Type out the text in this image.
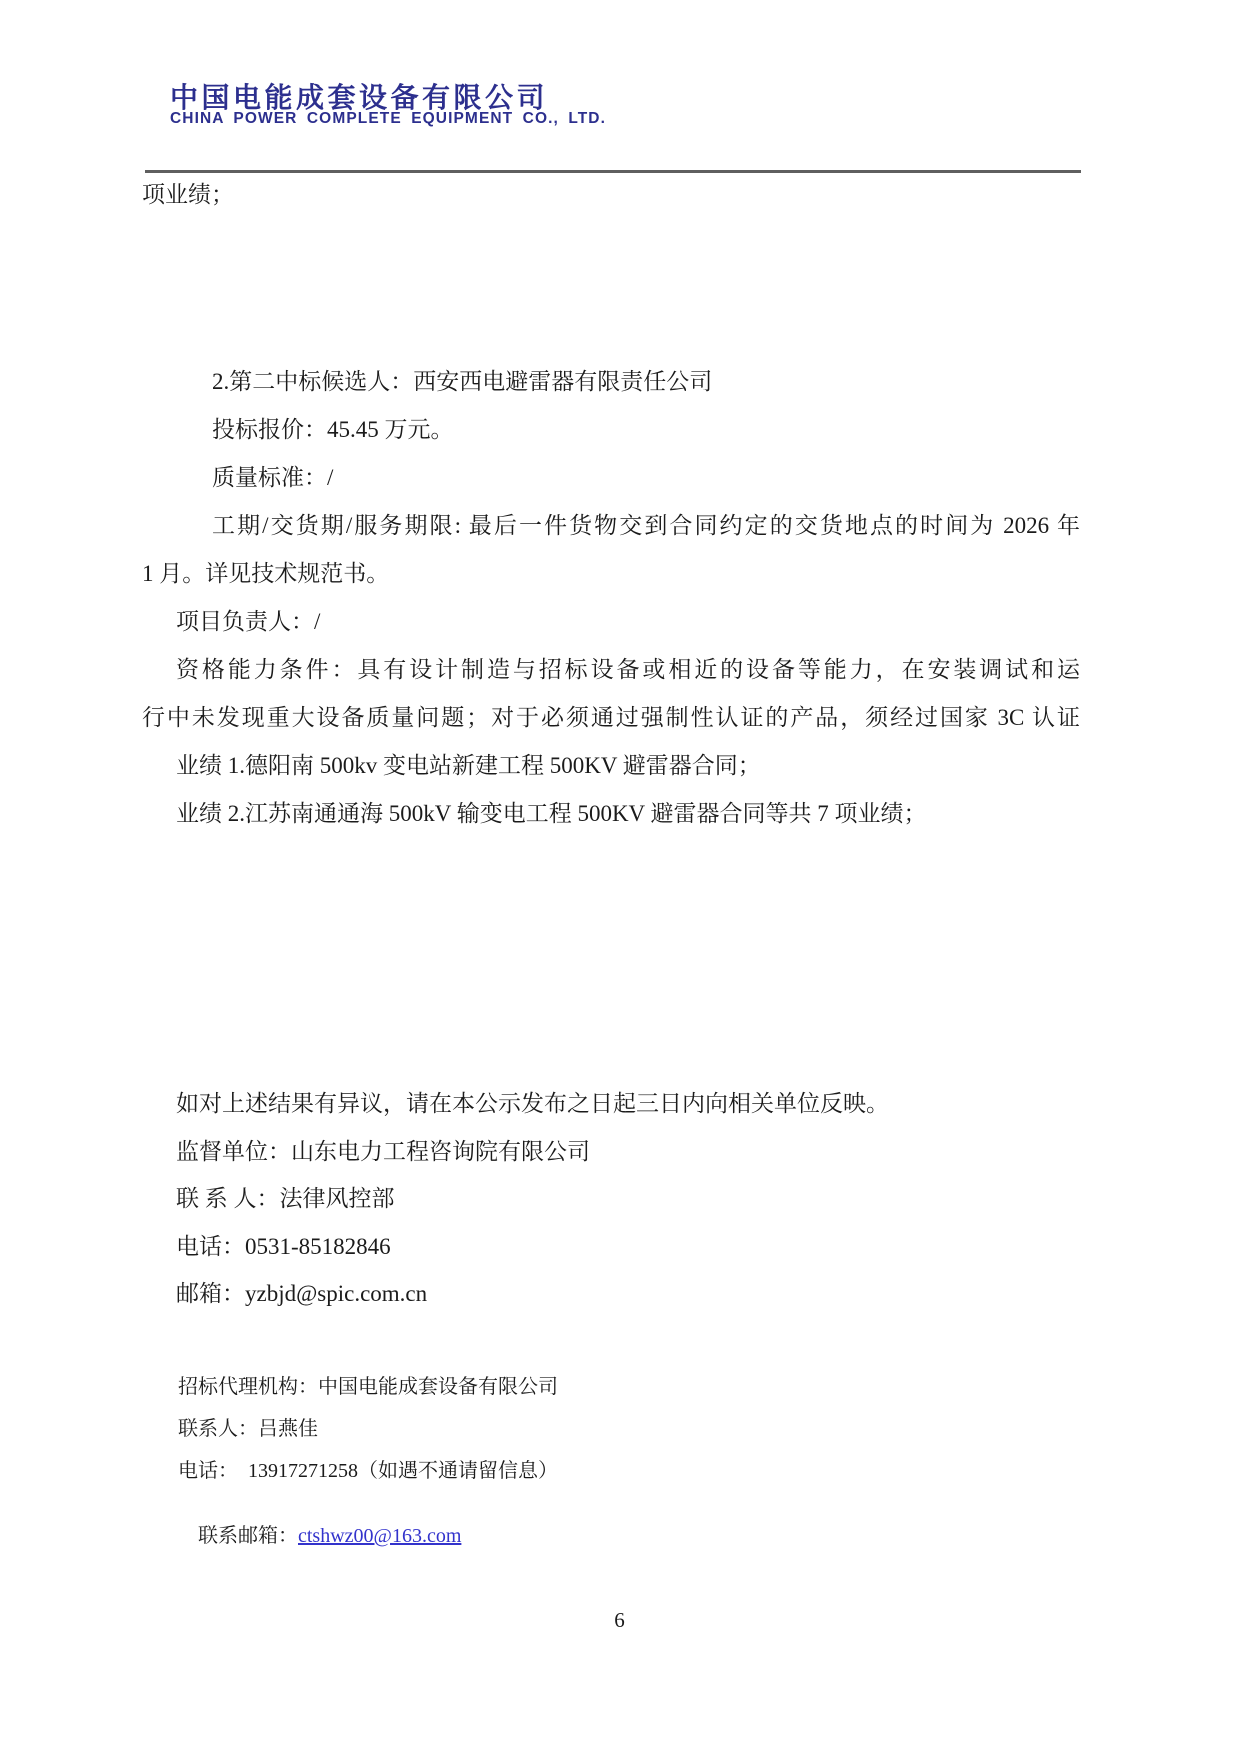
中国电能成套设备有限公司
CHINA POWER COMPLETE EQUIPMENT CO., LTD.
项业绩；
2.第二中标候选人：西安西电避雷器有限责任公司
投标报价：45.45 万元。
质量标准：/
工期/交货期/服务期限: 最后一件货物交到合同约定的交货地点的时间为 2026 年
1 月。详见技术规范书。
项目负责人：/
资格能力条件：具有设计制造与招标设备或相近的设备等能力，在安装调试和运
行中未发现重大设备质量问题；对于必须通过强制性认证的产品，须经过国家 3C 认证
业绩 1.德阳南 500kv 变电站新建工程 500KV 避雷器合同；
业绩 2.江苏南通通海 500kV 输变电工程 500KV 避雷器合同等共 7 项业绩；
如对上述结果有异议，请在本公示发布之日起三日内向相关单位反映。
监督单位：山东电力工程咨询院有限公司
联 系 人：法律风控部
电话：0531-85182846
邮箱：yzbjd@spic.com.cn
招标代理机构：中国电能成套设备有限公司
联系人：吕燕佳
电话：  13917271258（如遇不通请留信息）

联系邮箱：ctshwz00@163.com

6
